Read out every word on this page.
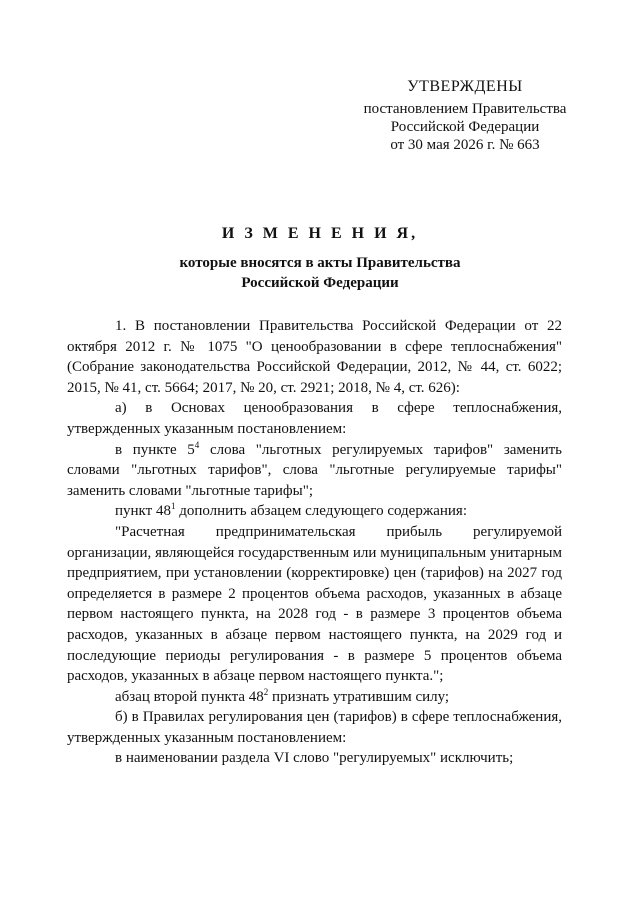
УТВЕРЖДЕНЫ
постановлением Правительства
Российской Федерации
от 30 мая 2026 г. № 663
И З М Е Н Е Н И Я,
которые вносятся в акты Правительства
Российской Федерации

1. В постановлении Правительства Российской Федерации от 22 октября 2012 г. № 1075 "О ценообразовании в сфере теплоснабжения" (Собрание законодательства Российской Федерации, 2012, № 44, ст. 6022; 2015, № 41, ст. 5664; 2017, № 20, ст. 2921; 2018, № 4, ст. 626):

а) в Основах ценообразования в сфере теплоснабжения, утвержденных указанным постановлением:

в пункте $5^4$ слова "льготных регулируемых тарифов" заменить словами "льготных тарифов", слова "льготные регулируемые тарифы" заменить словами "льготные тарифы";

пункт $48^1$ дополнить абзацем следующего содержания:

"Расчетная предпринимательская прибыль регулируемой организации, являющейся государственным или муниципальным унитарным предприятием, при установлении (корректировке) цен (тарифов) на 2027 год определяется в размере 2 процентов объема расходов, указанных в абзаце первом настоящего пункта, на 2028 год - в размере 3 процентов объема расходов, указанных в абзаце первом настоящего пункта, на 2029 год и последующие периоды регулирования - в размере 5 процентов объема расходов, указанных в абзаце первом настоящего пункта.";

абзац второй пункта $48^2$ признать утратившим силу;

б) в Правилах регулирования цен (тарифов) в сфере теплоснабжения, утвержденных указанным постановлением:

в наименовании раздела VI слово "регулируемых" исключить;
